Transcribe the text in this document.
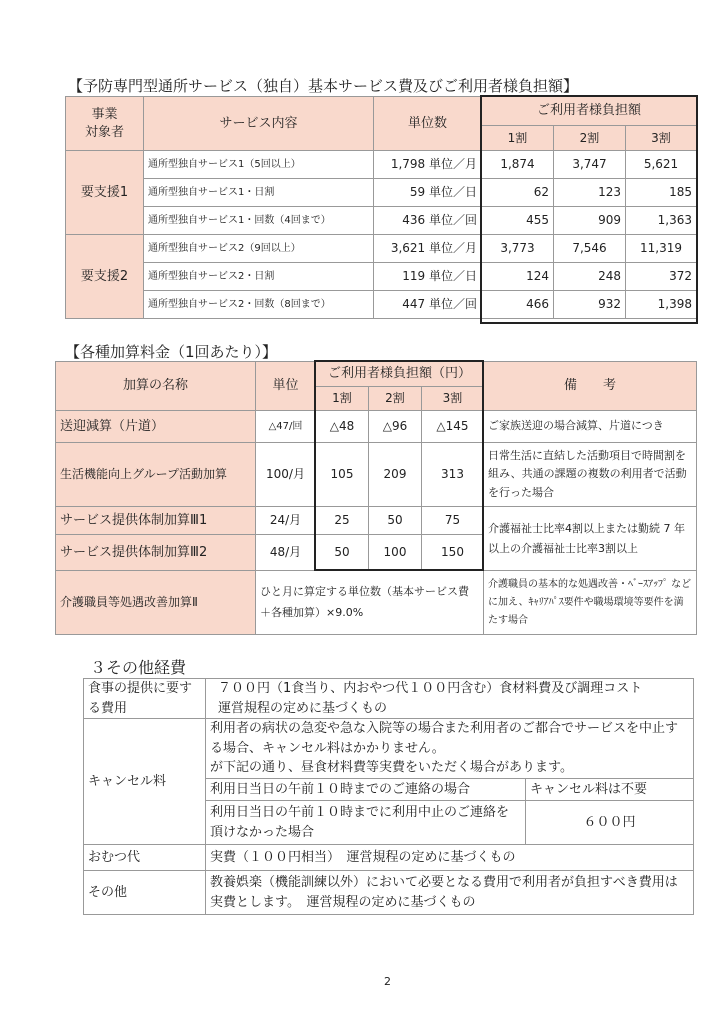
【予防専門型通所サービス（独自）基本サービス費及びご利用者様負担額】
事業
対象者	サービス内容	単位数	ご利用者様負担額		
			1割	2割	3割
要支援1	通所型独自サービス1（5回以上）	1,798 単位／月	1,874	3,747	5,621
	通所型独自サービス1・日割	59 単位／日	62	123	185
	通所型独自サービス1・回数（4回まで）	436 単位／回	455	909	1,363
要支援2	通所型独自サービス2（9回以上）	3,621 単位／月	3,773	7,546	11,319
	通所型独自サービス2・日割	119 単位／日	124	248	372
	通所型独自サービス2・回数（8回まで）	447 単位／回	466	932	1,398
【各種加算料金（1回あたり）】
加算の名称	単位	ご利用者様負担額（円）			備　　考
		1割	2割	3割	
送迎減算（片道）	△47/回	△48	△96	△145	ご家族送迎の場合減算、片道につき
生活機能向上グループ活動加算	100/月	105	209	313	日常生活に直結した活動項目で時間割を組み、共通の課題の複数の利用者で活動を行った場合
サービス提供体制加算Ⅲ1	24/月	25	50	75	介護福祉士比率4割以上または勤続 7 年以上の介護福祉士比率3割以上
サービス提供体制加算Ⅲ2	48/月	50	100	150	
介護職員等処遇改善加算Ⅱ	ひと月に算定する単位数（基本サービス費＋各種加算）×9.0%				介護職員の基本的な処遇改善・ﾍﾞｰｽｱｯﾌﾟ などに加え、ｷｬﾘｱﾊﾟｽ要件や職場環境等要件を満たす場合
３その他経費
食事の提供に要する費用	７００円（1食当り、内おやつ代１００円含む）食材料費及び調理コスト
運営規程の定めに基づくもの	

キャンセル料	利用者の病状の急変や急な入院等の場合また利用者のご都合でサービスを中止する場合、キャンセル料はかかりません。
が下記の通り、昼食材料費等実費をいただく場合があります。	
	利用日当日の午前１０時までのご連絡の場合	キャンセル料は不要
	利用日当日の午前１０時までに利用中止のご連絡を頂けなかった場合	６００円
おむつ代	実費（１００円相当）　運営規程の定めに基づくもの	
その他	教養娯楽（機能訓練以外）において必要となる費用で利用者が負担すべき費用は実費とします。　運営規程の定めに基づくもの	
2
